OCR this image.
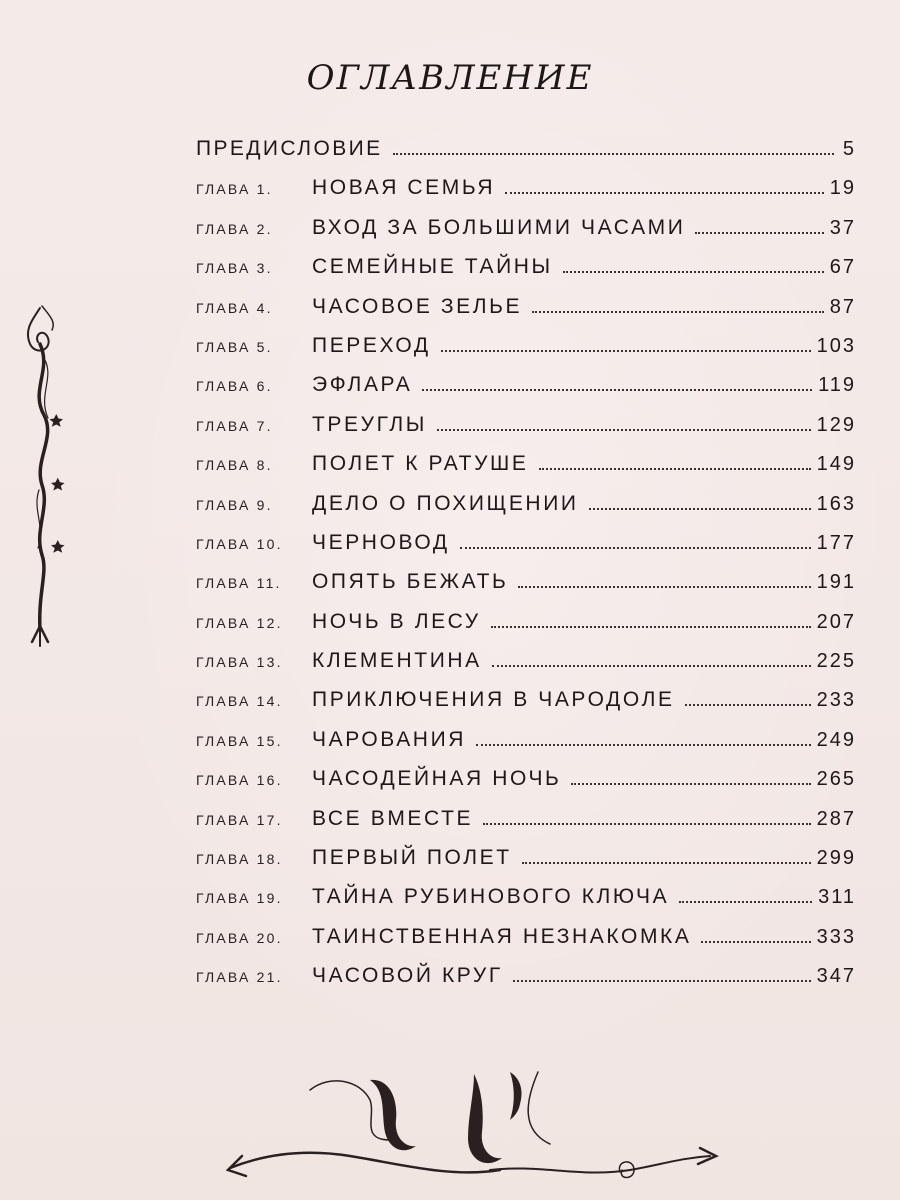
ОГЛАВЛЕНИЕ
ПРЕДИСЛОВИЕ	5
ГЛАВА 1.	НОВАЯ СЕМЬЯ	19
ГЛАВА 2.	ВХОД ЗА БОЛЬШИМИ ЧАСАМИ	37
ГЛАВА 3.	СЕМЕЙНЫЕ ТАЙНЫ	67
ГЛАВА 4.	ЧАСОВОЕ ЗЕЛЬЕ	87
ГЛАВА 5.	ПЕРЕХОД	103
ГЛАВА 6.	ЭФЛАРА	119
ГЛАВА 7.	ТРЕУГЛЫ	129
ГЛАВА 8.	ПОЛЕТ К РАТУШЕ	149
ГЛАВА 9.	ДЕЛО О ПОХИЩЕНИИ	163
ГЛАВА 10.	ЧЕРНОВОД	177
ГЛАВА 11.	ОПЯТЬ БЕЖАТЬ	191
ГЛАВА 12.	НОЧЬ В ЛЕСУ	207
ГЛАВА 13.	КЛЕМЕНТИНА	225
ГЛАВА 14.	ПРИКЛЮЧЕНИЯ В ЧАРОДОЛЕ	233
ГЛАВА 15.	ЧАРОВАНИЯ	249
ГЛАВА 16.	ЧАСОДЕЙНАЯ НОЧЬ	265
ГЛАВА 17.	ВСЕ ВМЕСТЕ	287
ГЛАВА 18.	ПЕРВЫЙ ПОЛЕТ	299
ГЛАВА 19.	ТАЙНА РУБИНОВОГО КЛЮЧА	311
ГЛАВА 20.	ТАИНСТВЕННАЯ НЕЗНАКОМКА	333
ГЛАВА 21.	ЧАСОВОЙ КРУГ	347
